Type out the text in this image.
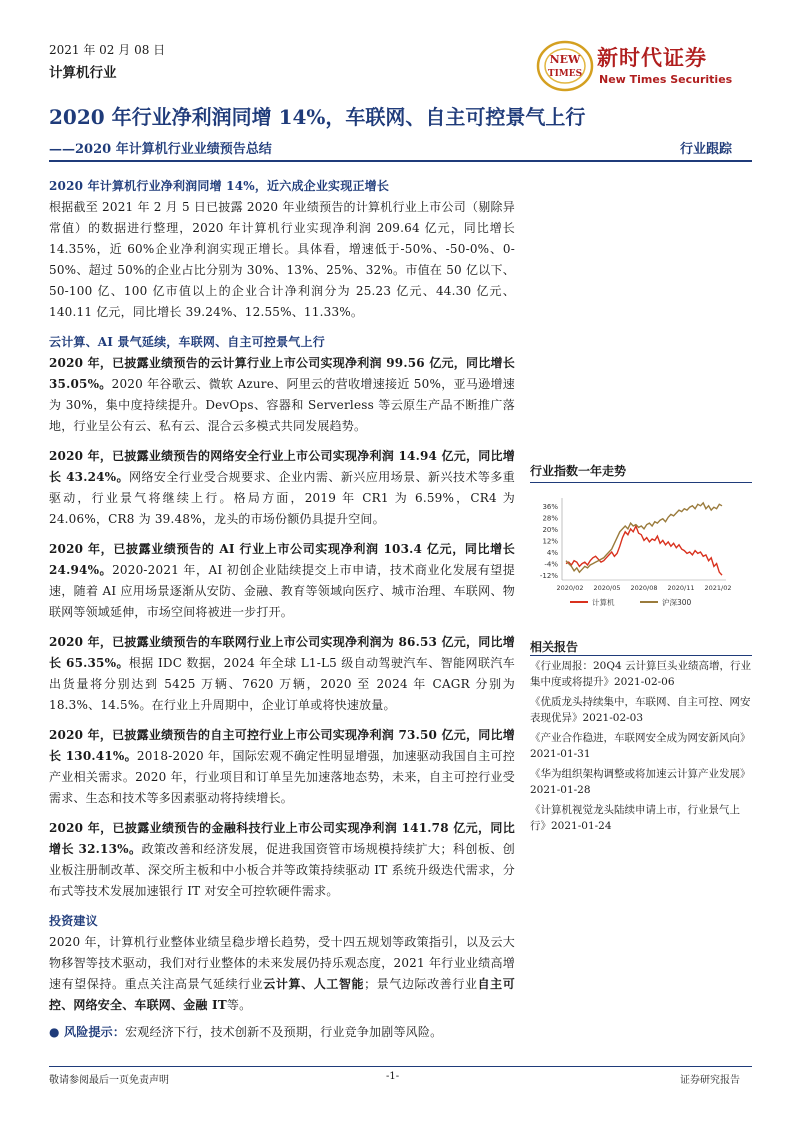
2021 年 02 月 08 日
计算机行业
NEW
TIMES
新时代证券
New Times Securities
2020 年行业净利润同增 14%，车联网、自主可控景气上行
——2020 年计算机行业业绩预告总结	行业跟踪

2020 年计算机行业净利润同增 14%，近六成企业实现正增长

根据截至 2021 年 2 月 5 日已披露 2020 年业绩预告的计算机行业上市公司（剔除异常值）的数据进行整理，2020 年计算机行业实现净利润 209.64 亿元，同比增长 14.35%，近 60%企业净利润实现正增长。具体看，增速低于-50%、-50-0%、0-50%、超过 50%的企业占比分别为 30%、13%、25%、32%。市值在 50 亿以下、50-100 亿、100 亿市值以上的企业合计净利润分为 25.23 亿元、44.30 亿元、140.11 亿元，同比增长 39.24%、12.55%、11.33%。

云计算、AI 景气延续，车联网、自主可控景气上行

2020 年，已披露业绩预告的云计算行业上市公司实现净利润 99.56 亿元，同比增长 35.05%。2020 年谷歌云、微软 Azure、阿里云的营收增速接近 50%，亚马逊增速为 30%，集中度持续提升。DevOps、容器和 Serverless 等云原生产品不断推广落地，行业呈公有云、私有云、混合云多模式共同发展趋势。

2020 年，已披露业绩预告的网络安全行业上市公司实现净利润 14.94 亿元，同比增长 43.24%。网络安全行业受合规要求、企业内需、新兴应用场景、新兴技术等多重驱动，行业景气将继续上行。格局方面，2019 年 CR1 为 6.59%，CR4 为 24.06%，CR8 为 39.48%，龙头的市场份额仍具提升空间。

2020 年，已披露业绩预告的 AI 行业上市公司实现净利润 103.4 亿元，同比增长 24.94%。2020-2021 年，AI 初创企业陆续提交上市申请，技术商业化发展有望提速，随着 AI 应用场景逐渐从安防、金融、教育等领域向医疗、城市治理、车联网、物联网等领域延伸，市场空间将被进一步打开。

2020 年，已披露业绩预告的车联网行业上市公司实现净利润为 86.53 亿元，同比增长 65.35%。根据 IDC 数据，2024 年全球 L1-L5 级自动驾驶汽车、智能网联汽车出货量将分别达到 5425 万辆、7620 万辆，2020 至 2024 年 CAGR 分别为 18.3%、14.5%。在行业上升周期中，企业订单或将快速放量。

2020 年，已披露业绩预告的自主可控行业上市公司实现净利润 73.50 亿元，同比增长 130.41%。2018-2020 年，国际宏观不确定性明显增强，加速驱动我国自主可控产业相关需求。2020 年，行业项目和订单呈先加速落地态势，未来，自主可控行业受需求、生态和技术等多因素驱动将持续增长。

2020 年，已披露业绩预告的金融科技行业上市公司实现净利润 141.78 亿元，同比增长 32.13%。政策改善和经济发展，促进我国资管市场规模持续扩大；科创板、创业板注册制改革、深交所主板和中小板合并等政策持续驱动 IT 系统升级迭代需求，分布式等技术发展加速银行 IT 对安全可控软硬件需求。

投资建议

2020 年，计算机行业整体业绩呈稳步增长趋势，受十四五规划等政策指引，以及云大物移智等技术驱动，我们对行业整体的未来发展仍持乐观态度，2021 年行业业绩高增速有望保持。重点关注高景气延续行业云计算、人工智能；景气边际改善行业自主可控、网络安全、车联网、金融 IT等。

● 风险提示：宏观经济下行，技术创新不及预期，行业竞争加剧等风险。

行业指数一年走势
36%
28%
20%
12%
4%
-4%
-12%
2020/02 2020/05 2020/08 2020/11 2021/02
计算机	沪深300
相关报告
《行业周报：20Q4 云计算巨头业绩高增，行业集中度或将提升》2021-02-06
《优质龙头持续集中，车联网、自主可控、网安表现优异》2021-02-03
《产业合作稳进，车联网安全成为网安新风向》2021-01-31
《华为组织架构调整或将加速云计算产业发展》2021-01-28
《计算机视觉龙头陆续申请上市，行业景气上行》2021-01-24
敬请参阅最后一页免责声明	-1-	证券研究报告
